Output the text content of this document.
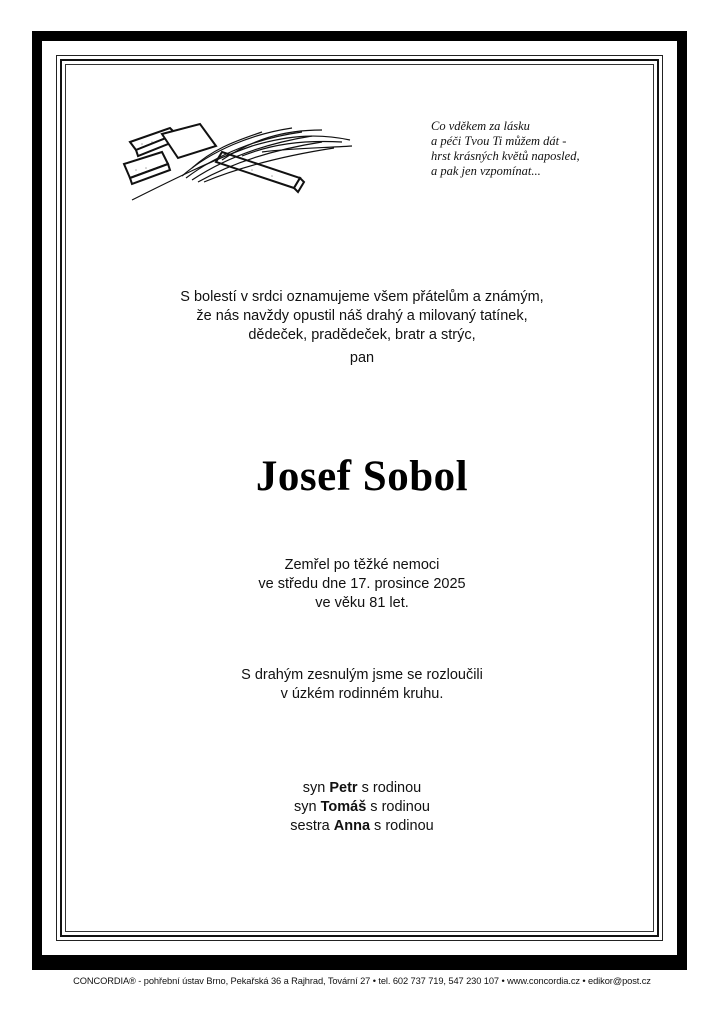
Co vděkem za lásku
a péči Tvou Ti můžem dát -
hrst krásných květů naposled,
a pak jen vzpomínat...
S bolestí v srdci oznamujeme všem přátelům a známým,
že nás navždy opustil náš drahý a milovaný tatínek,
dědeček, pradědeček, bratr a strýc,
pan
Josef Sobol
Zemřel po těžké nemoci
ve středu dne 17. prosince 2025
ve věku 81 let.
S drahým zesnulým jsme se rozloučili
v úzkém rodinném kruhu.
syn Petr s rodinou
syn Tomáš s rodinou
sestra Anna s rodinou
CONCORDIA® - pohřební ústav Brno, Pekařská 36 a Rajhrad, Tovární 27 • tel. 602 737 719, 547 230 107 • www.concordia.cz • edikor@post.cz
